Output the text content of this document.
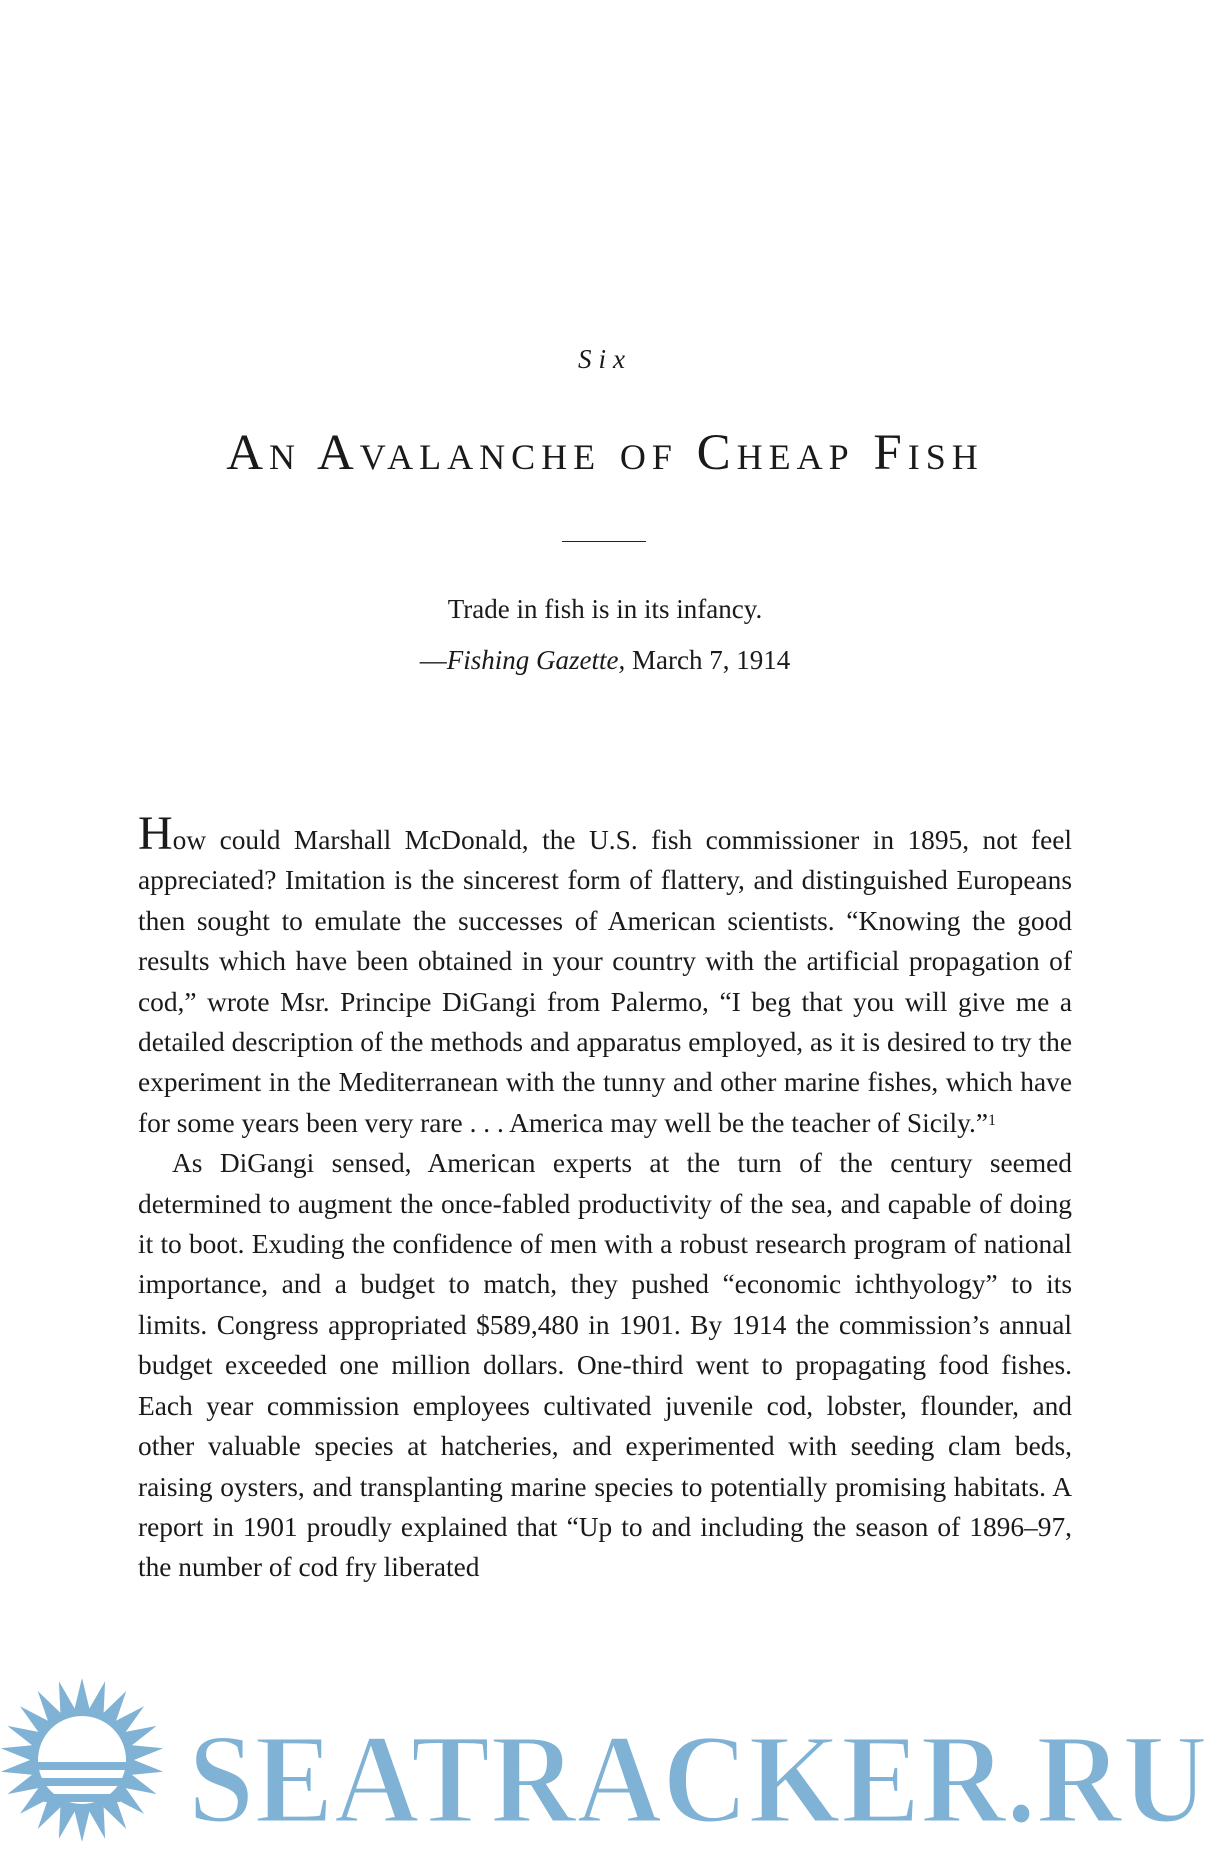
Six
An Avalanche of Cheap Fish
Trade in fish is in its infancy.
—Fishing Gazette, March 7, 1914

How could Marshall McDonald, the U.S. fish commissioner in 1895, not feel appreciated? Imitation is the sincerest form of flattery, and distinguished Europeans then sought to emulate the successes of American scientists. “Knowing the good results which have been obtained in your country with the artificial propagation of cod,” wrote Msr. Principe DiGangi from Palermo, “I beg that you will give me a detailed description of the methods and apparatus employed, as it is desired to try the experiment in the Mediterranean with the tunny and other marine fishes, which have for some years been very rare . . . America may well be the teacher of Sicily.”$^1$

As DiGangi sensed, American experts at the turn of the century seemed determined to augment the once-fabled productivity of the sea, and capable of doing it to boot. Exuding the confidence of men with a robust research program of national importance, and a budget to match, they pushed “economic ichthyology” to its limits. Congress appropriated $589,480 in 1901. By 1914 the commission’s annual budget exceeded one million dollars. One-third went to propagating food fishes. Each year commission employees cultivated juvenile cod, lobster, flounder, and other valuable species at hatcheries, and experimented with seeding clam beds, raising oysters, and transplanting marine species to potentially promising habitats. A report in 1901 proudly explained that “Up to and including the season of 1896–97, the number of cod fry liberated

SEATRACKER.RU
